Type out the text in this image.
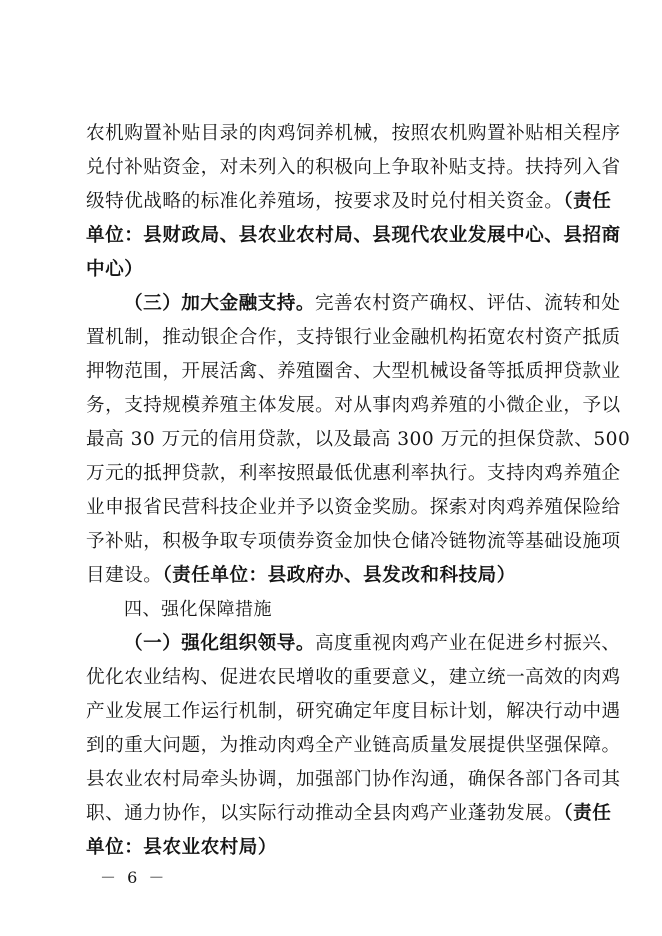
农机购置补贴目录的肉鸡饲养机械，按照农机购置补贴相关程序
兑付补贴资金，对未列入的积极向上争取补贴支持。扶持列入省
级特优战略的标准化养殖场，按要求及时兑付相关资金。（责任
单位：县财政局、县农业农村局、县现代农业发展中心、县招商
中心）
（三）加大金融支持。完善农村资产确权、评估、流转和处
置机制，推动银企合作，支持银行业金融机构拓宽农村资产抵质
押物范围，开展活禽、养殖圈舍、大型机械设备等抵质押贷款业
务，支持规模养殖主体发展。对从事肉鸡养殖的小微企业，予以
最高 30 万元的信用贷款，以及最高 300 万元的担保贷款、500
万元的抵押贷款，利率按照最低优惠利率执行。支持肉鸡养殖企
业申报省民营科技企业并予以资金奖励。探索对肉鸡养殖保险给
予补贴，积极争取专项债券资金加快仓储冷链物流等基础设施项
目建设。（责任单位：县政府办、县发改和科技局）
四、强化保障措施
（一）强化组织领导。高度重视肉鸡产业在促进乡村振兴、
优化农业结构、促进农民增收的重要意义，建立统一高效的肉鸡
产业发展工作运行机制，研究确定年度目标计划，解决行动中遇
到的重大问题，为推动肉鸡全产业链高质量发展提供坚强保障。
县农业农村局牵头协调，加强部门协作沟通，确保各部门各司其
职、通力协作，以实际行动推动全县肉鸡产业蓬勃发展。（责任
单位：县农业农村局）
－ 6 －
